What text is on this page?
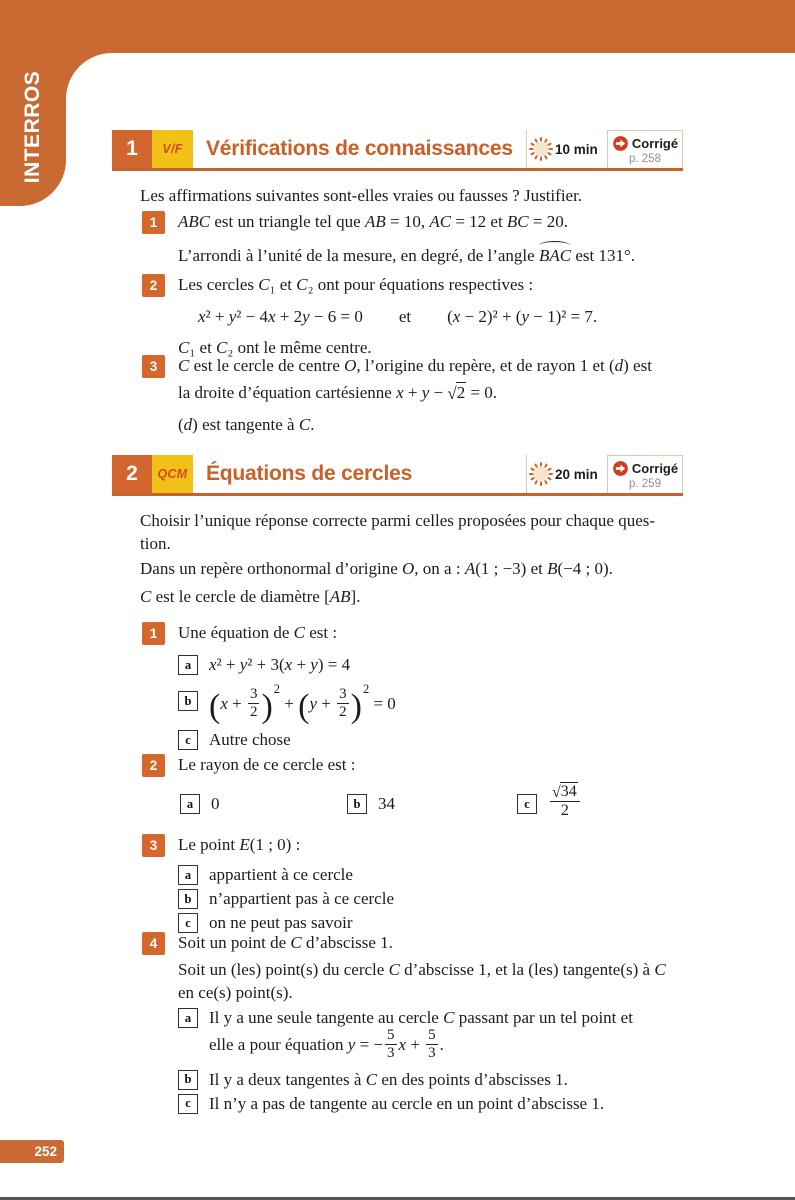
INTERROS	1	V/F	Vérifications de connaissances	10 min	Corrigé
p. 258
Les affirmations suivantes sont-elles vraies ou fausses ? Justifier.
1	ABC est un triangle tel que AB = 10, AC = 12 et BC = 20.
L’arrondi à l’unité de la mesure, en degré, de l’angle BAC est 131°.
2	Les cercles C₁ et C₂ ont pour équations respectives :
x² + y² − 4x + 2y − 6 = 0 et (x − 2)² + (y − 1)² = 7.
C₁ et C₂ ont le même centre.
3	C est le cercle de centre O, l’origine du repère, et de rayon 1 et (d) est
la droite d’équation cartésienne x + y − √2 = 0.
(d) est tangente à C.
2	QCM Équations de cercles	20 min	Corrigé
p. 259
Choisir l’unique réponse correcte parmi celles proposées pour chaque ques-
tion.
Dans un repère orthonormal d’origine O, on a : A(1 ; −3) et B(−4 ; 0).
C est le cercle de diamètre [AB].
1	Une équation de C est :
a	x² + y² + 3(x + y) = 4
b $(x + \frac{3}{2} )^2 + (y + \frac{3}{2} )^2 = 0$
c	Autre chose
2	Le rayon de ce cercle est :
a	0	b	34	c	$\frac{√34}{2}$
3	Le point E(1 ; 0) :
a	appartient à ce cercle
b	n’appartient pas à ce cercle
c	on ne peut pas savoir
4	Soit un point de C d’abscisse 1.
Soit un (les) point(s) du cercle C d’abscisse 1, et la (les) tangente(s) à C
en ce(s) point(s).
a	Il y a une seule tangente au cercle C passant par un tel point et
elle a pour équation y = − $\frac{5}{3}$ $x + \frac{5}{3}$ .
b	Il y a deux tangentes à C en des points d’abscisses 1.
c	Il n’y a pas de tangente au cercle en un point d’abscisse 1.
252
